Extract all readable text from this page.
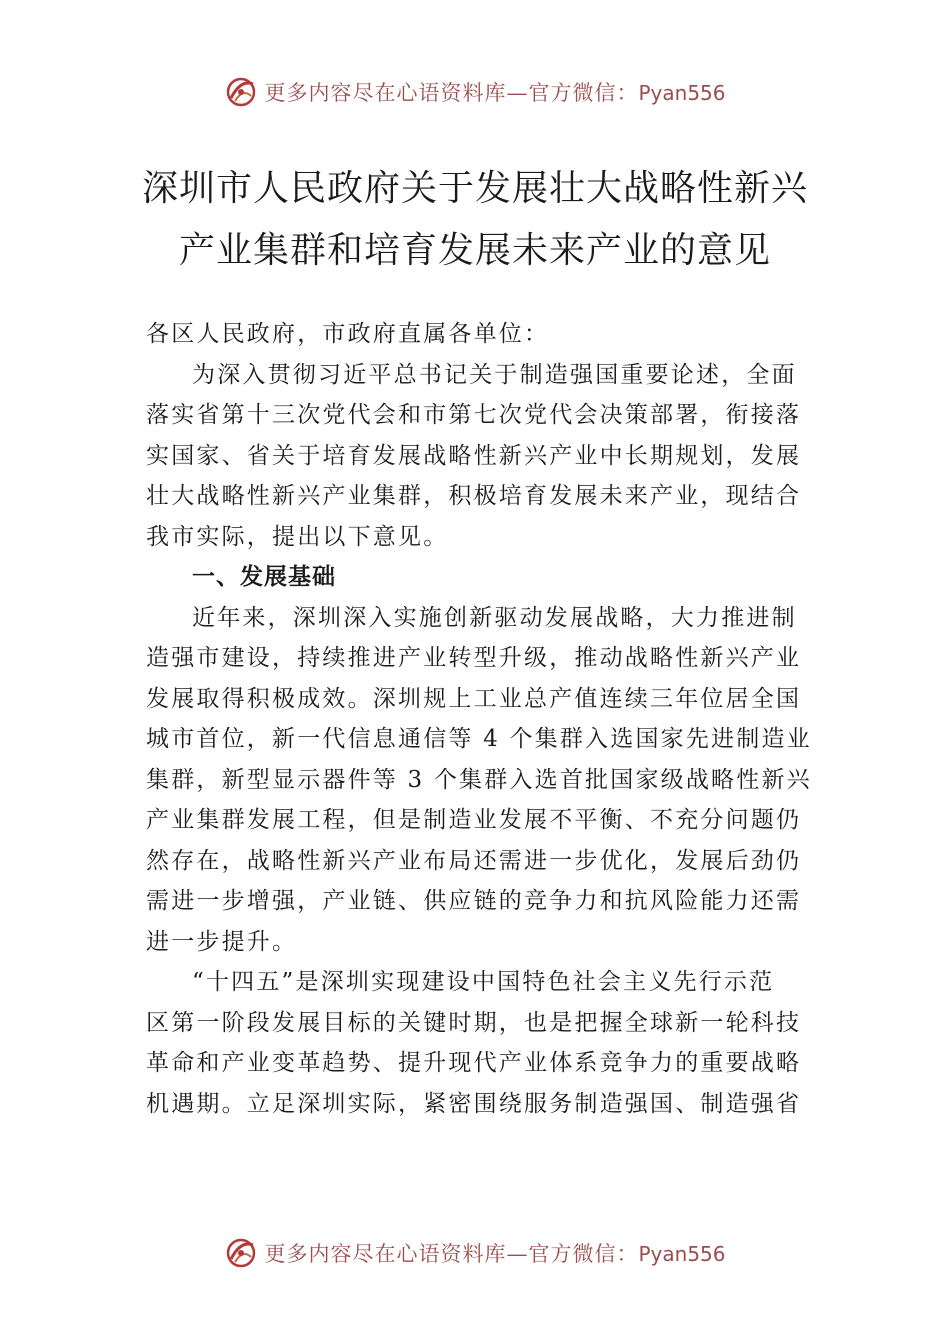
更多内容尽在心语资料库—官方微信：Pyan556
深圳市人民政府关于发展壮大战略性新兴
产业集群和培育发展未来产业的意见

各区人民政府，市政府直属各单位：

为深入贯彻习近平总书记关于制造强国重要论述，全面
落实省第十三次党代会和市第七次党代会决策部署，衔接落
实国家、省关于培育发展战略性新兴产业中长期规划，发展
壮大战略性新兴产业集群，积极培育发展未来产业，现结合
我市实际，提出以下意见。

一、发展基础

近年来，深圳深入实施创新驱动发展战略，大力推进制
造强市建设，持续推进产业转型升级，推动战略性新兴产业
发展取得积极成效。深圳规上工业总产值连续三年位居全国
城市首位，新一代信息通信等 4 个集群入选国家先进制造业
集群，新型显示器件等 3 个集群入选首批国家级战略性新兴
产业集群发展工程，但是制造业发展不平衡、不充分问题仍
然存在，战略性新兴产业布局还需进一步优化，发展后劲仍
需进一步增强，产业链、供应链的竞争力和抗风险能力还需
进一步提升。

“十四五”是深圳实现建设中国特色社会主义先行示范
区第一阶段发展目标的关键时期，也是把握全球新一轮科技
革命和产业变革趋势、提升现代产业体系竞争力的重要战略
机遇期。立足深圳实际，紧密围绕服务制造强国、制造强省

更多内容尽在心语资料库—官方微信：Pyan556
